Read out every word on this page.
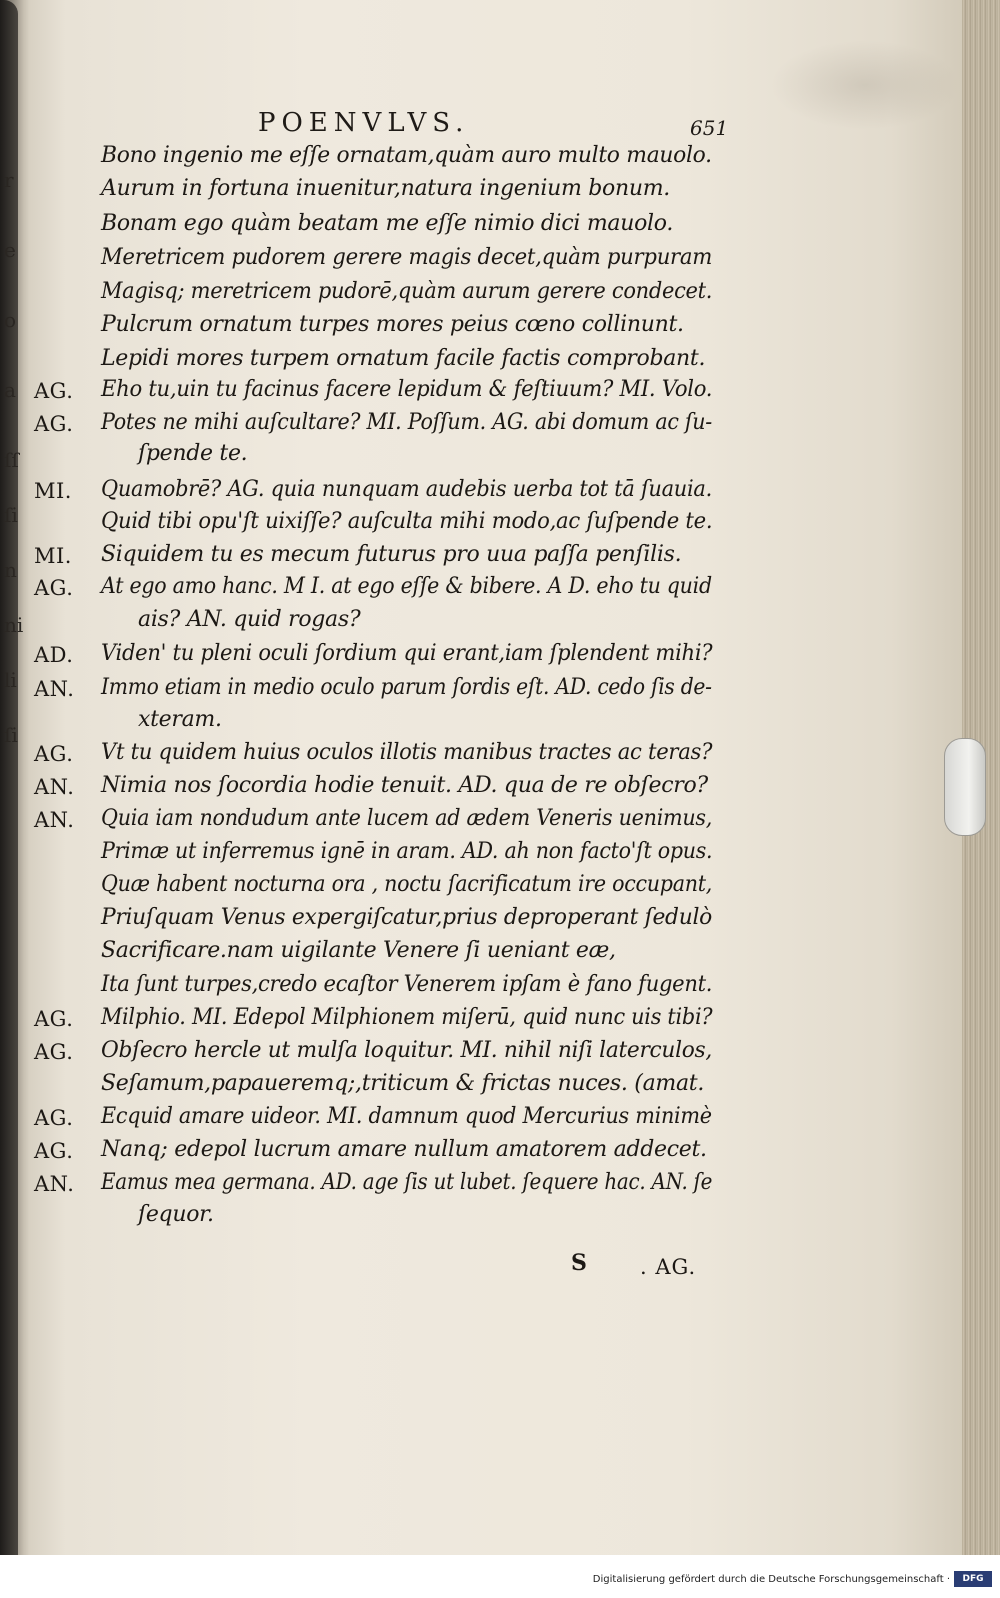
r
e
o
a
ſſ
ſi
n
ni
li
ſi
POENVLVS.	651
Bono ingenio me eſſe ornatam,quàm auro multo mauolo.
Aurum in fortuna inuenitur,natura ingenium bonum.
Bonam ego quàm beatam me eſſe nimio dici mauolo.
Meretricem pudorem gerere magis decet,quàm purpuram
Magisq; meretricem pudorē,quàm aurum gerere condecet.
Pulcrum ornatum turpes mores peius cœno collinunt.
Lepidi mores turpem ornatum facile factis comprobant.
AG. Eho tu,uin tu facinus facere lepidum & feſtiuum? MI. Volo.
AG. Potes ne mihi auſcultare? MI. Poſſum. AG. abi domum ac ſu-
ſpende te.
MI. Quamobrē? AG. quia nunquam audebis uerba tot tā ſuauia.
Quid tibi opu'ſt uixiſſe? auſculta mihi modo,ac ſuſpende te.
MI. Siquidem tu es mecum futurus pro uua paſſa penſilis.
AG. At ego amo hanc. M I. at ego eſſe & bibere. A D. eho tu quid
ais? AN. quid rogas?
AD. Viden' tu pleni oculi ſordium qui erant,iam ſplendent mihi?
AN. Immo etiam in medio oculo parum ſordis eſt. AD. cedo ſis de-
xteram.
AG. Vt tu quidem huius oculos illotis manibus tractes ac teras?
AN. Nimia nos ſocordia hodie tenuit. AD. qua de re obſecro?
AN. Quia iam nondudum ante lucem ad ædem Veneris uenimus,
Primæ ut inferremus ignē in aram. AD. ah non facto'ſt opus.
Quæ habent nocturna ora , noctu ſacrificatum ire occupant,
Priuſquam Venus expergiſcatur,prius deproperant ſedulò
Sacrificare.nam uigilante Venere ſi ueniant eæ,
Ita ſunt turpes,credo ecaſtor Venerem ipſam è fano fugent.
AG. Milphio. MI. Edepol Milphionem miſerū, quid nunc uis tibi?
AG. Obſecro hercle ut mulſa loquitur. MI. nihil niſi laterculos,
Seſamum,papaueremq;,triticum & frictas nuces. (amat.
AG. Ecquid amare uideor. MI. damnum quod Mercurius minimè
AG. Nanq; edepol lucrum amare nullum amatorem addecet.
AN. Eamus mea germana. AD. age ſis ut lubet. ſequere hac. AN. ſe
ſequor.
S	. AG.
Digitalisierung gefördert durch die Deutsche Forschungsgemeinschaft ·	DFG
